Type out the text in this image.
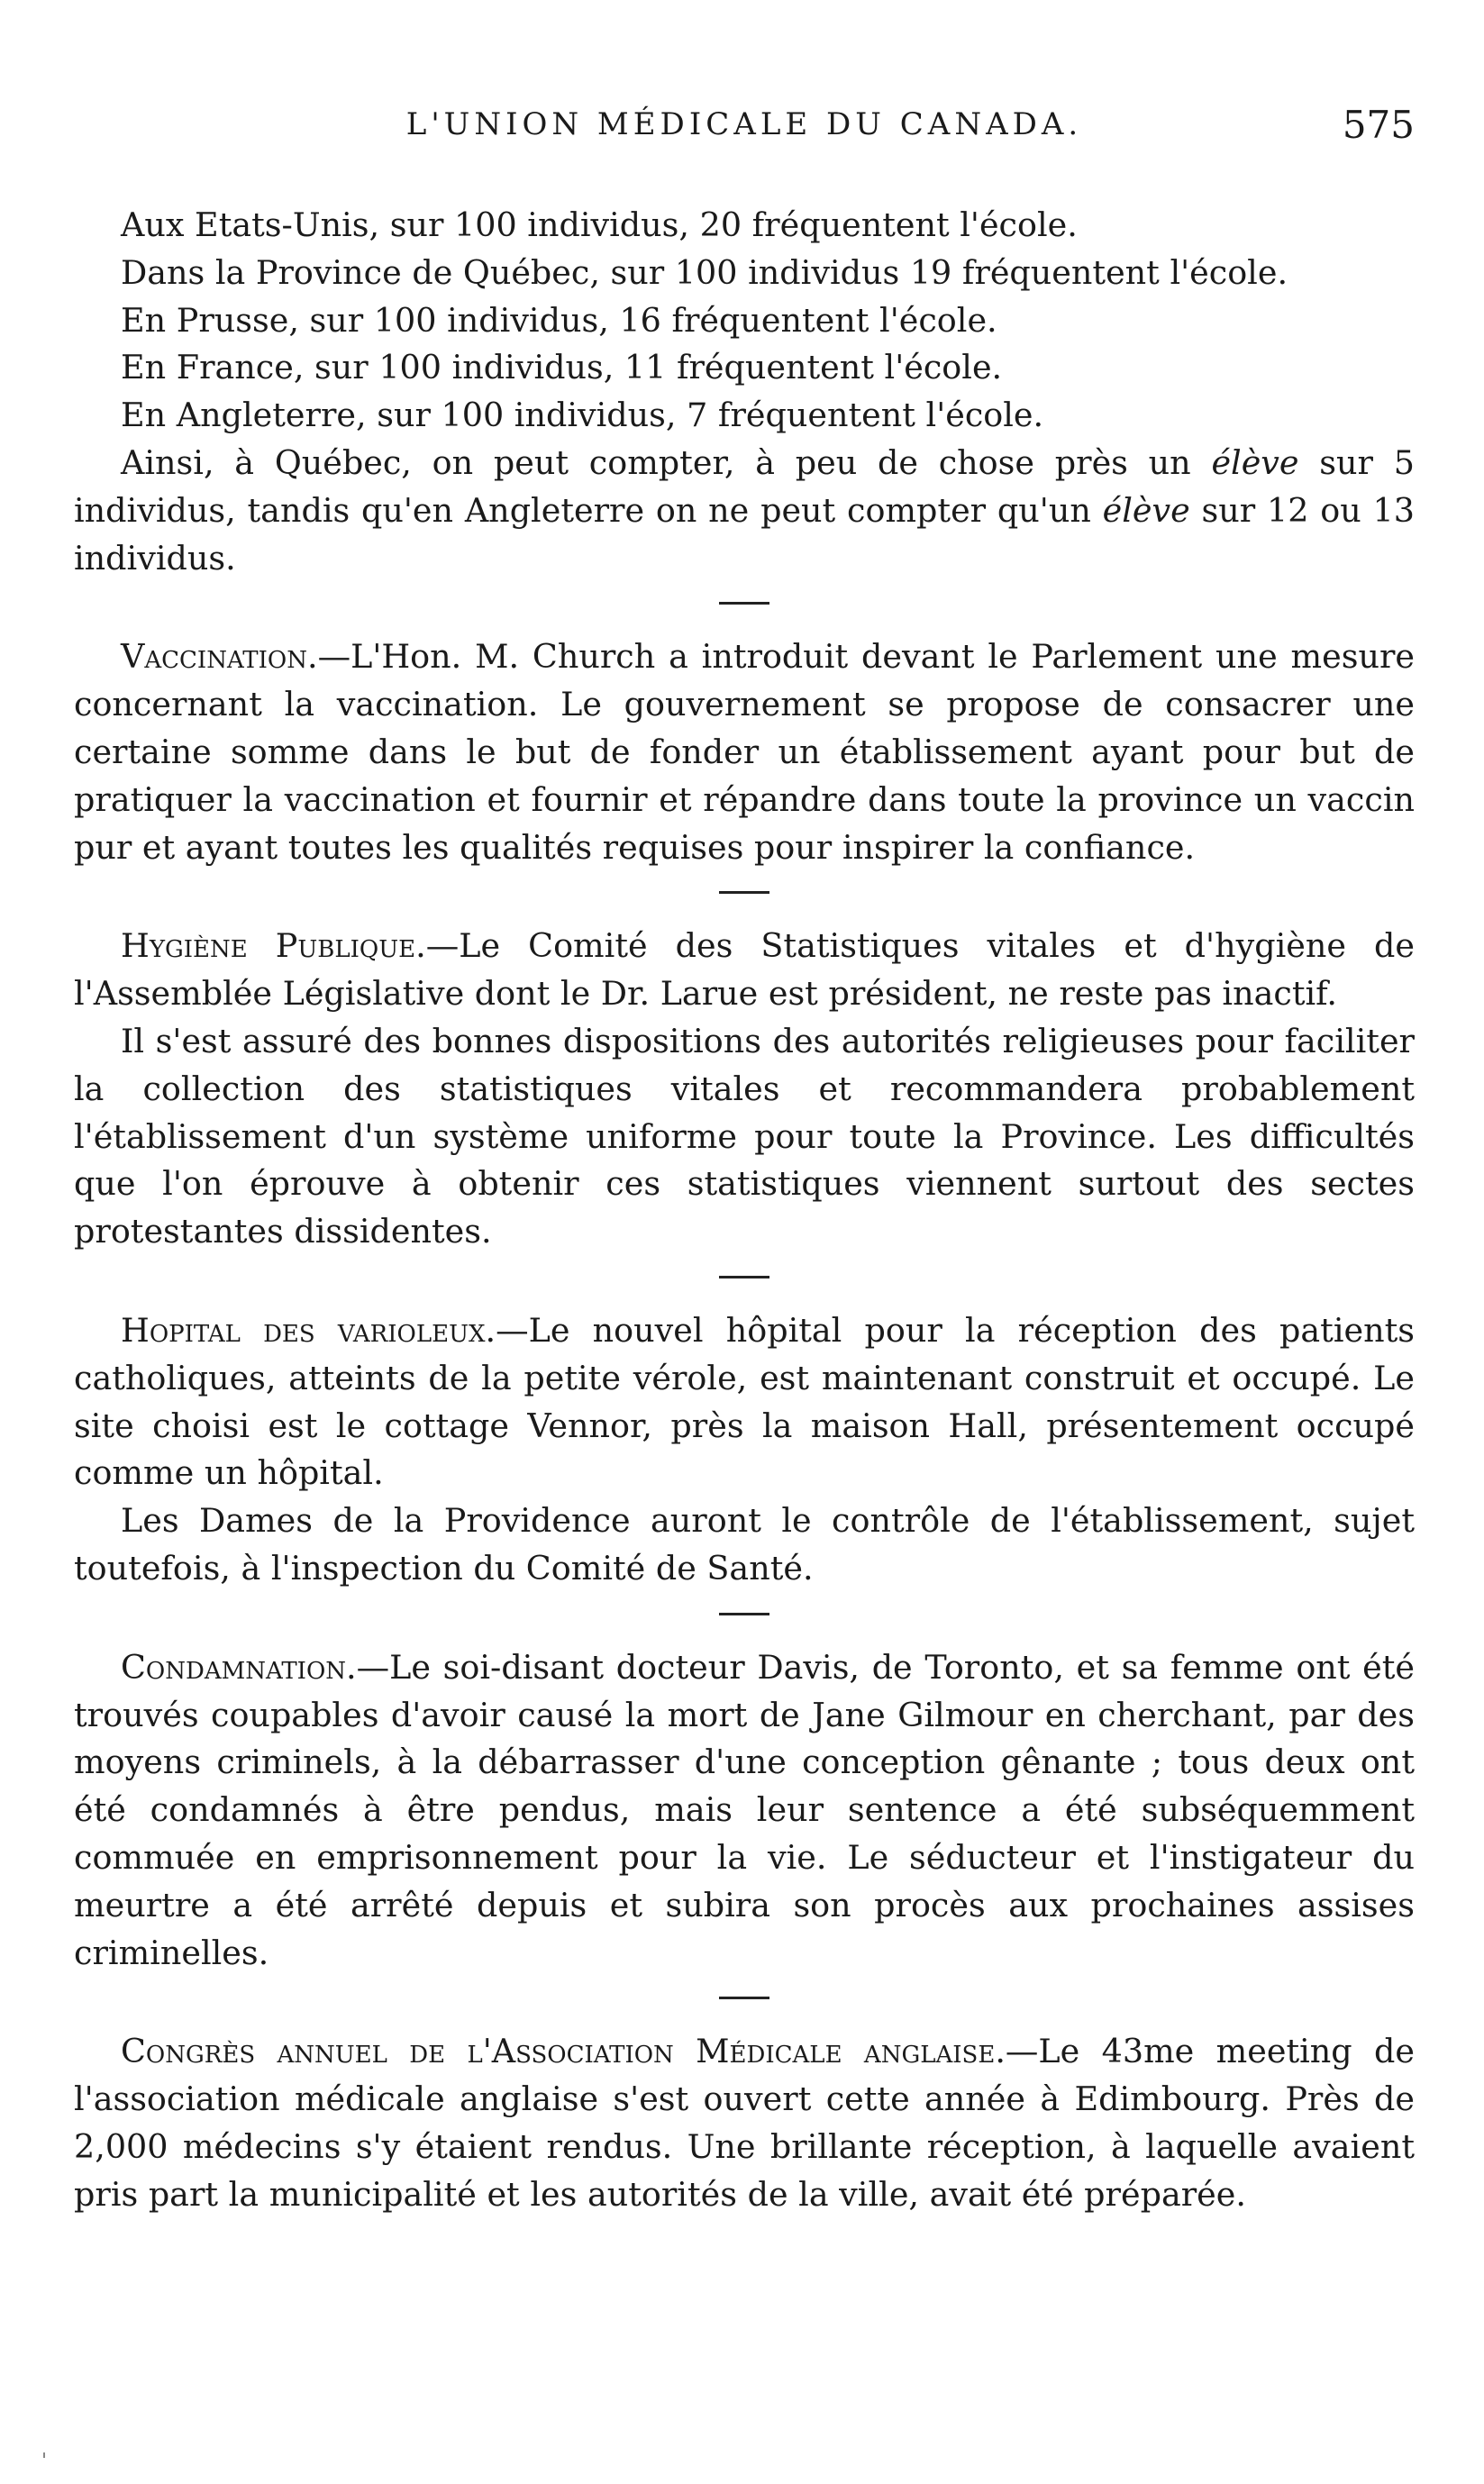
L'UNION MÉDICALE DU CANADA.	575

Aux Etats-Unis, sur 100 individus, 20 fréquentent l'école.

Dans la Province de Québec, sur 100 individus 19 fréquentent l'école.

En Prusse, sur 100 individus, 16 fréquentent l'école.

En France, sur 100 individus, 11 fréquentent l'école.

En Angleterre, sur 100 individus, 7 fréquentent l'école.

Ainsi, à Québec, on peut compter, à peu de chose près un élève sur 5 individus, tandis qu'en Angleterre on ne peut compter qu'un élève sur 12 ou 13 individus.

Vaccination.—L'Hon. M. Church a introduit devant le Parlement une mesure concernant la vaccination. Le gouvernement se propose de consacrer une certaine somme dans le but de fonder un établissement ayant pour but de pratiquer la vaccination et fournir et répandre dans toute la province un vaccin pur et ayant toutes les qualités requises pour inspirer la confiance.

Hygiène Publique.—Le Comité des Statistiques vitales et d'hygiène de l'Assemblée Législative dont le Dr. Larue est président, ne reste pas inactif.

Il s'est assuré des bonnes dispositions des autorités religieuses pour faciliter la collection des statistiques vitales et recommandera probablement l'établissement d'un système uniforme pour toute la Province. Les difficultés que l'on éprouve à obtenir ces statistiques viennent surtout des sectes protestantes dissidentes.

Hopital des varioleux.—Le nouvel hôpital pour la réception des patients catholiques, atteints de la petite vérole, est maintenant construit et occupé. Le site choisi est le cottage Vennor, près la maison Hall, présentement occupé comme un hôpital.

Les Dames de la Providence auront le contrôle de l'établissement, sujet toutefois, à l'inspection du Comité de Santé.

Condamnation.—Le soi-disant docteur Davis, de Toronto, et sa femme ont été trouvés coupables d'avoir causé la mort de Jane Gilmour en cherchant, par des moyens criminels, à la débarrasser d'une conception gênante ; tous deux ont été condamnés à être pendus, mais leur sentence a été subséquemment commuée en emprisonnement pour la vie. Le séducteur et l'instigateur du meurtre a été arrêté depuis et subira son procès aux prochaines assises criminelles.

Congrès annuel de l'Association Médicale anglaise.—Le 43me meeting de l'association médicale anglaise s'est ouvert cette année à Edimbourg. Près de 2,000 médecins s'y étaient rendus. Une brillante réception, à laquelle avaient pris part la municipalité et les autorités de la ville, avait été préparée.
